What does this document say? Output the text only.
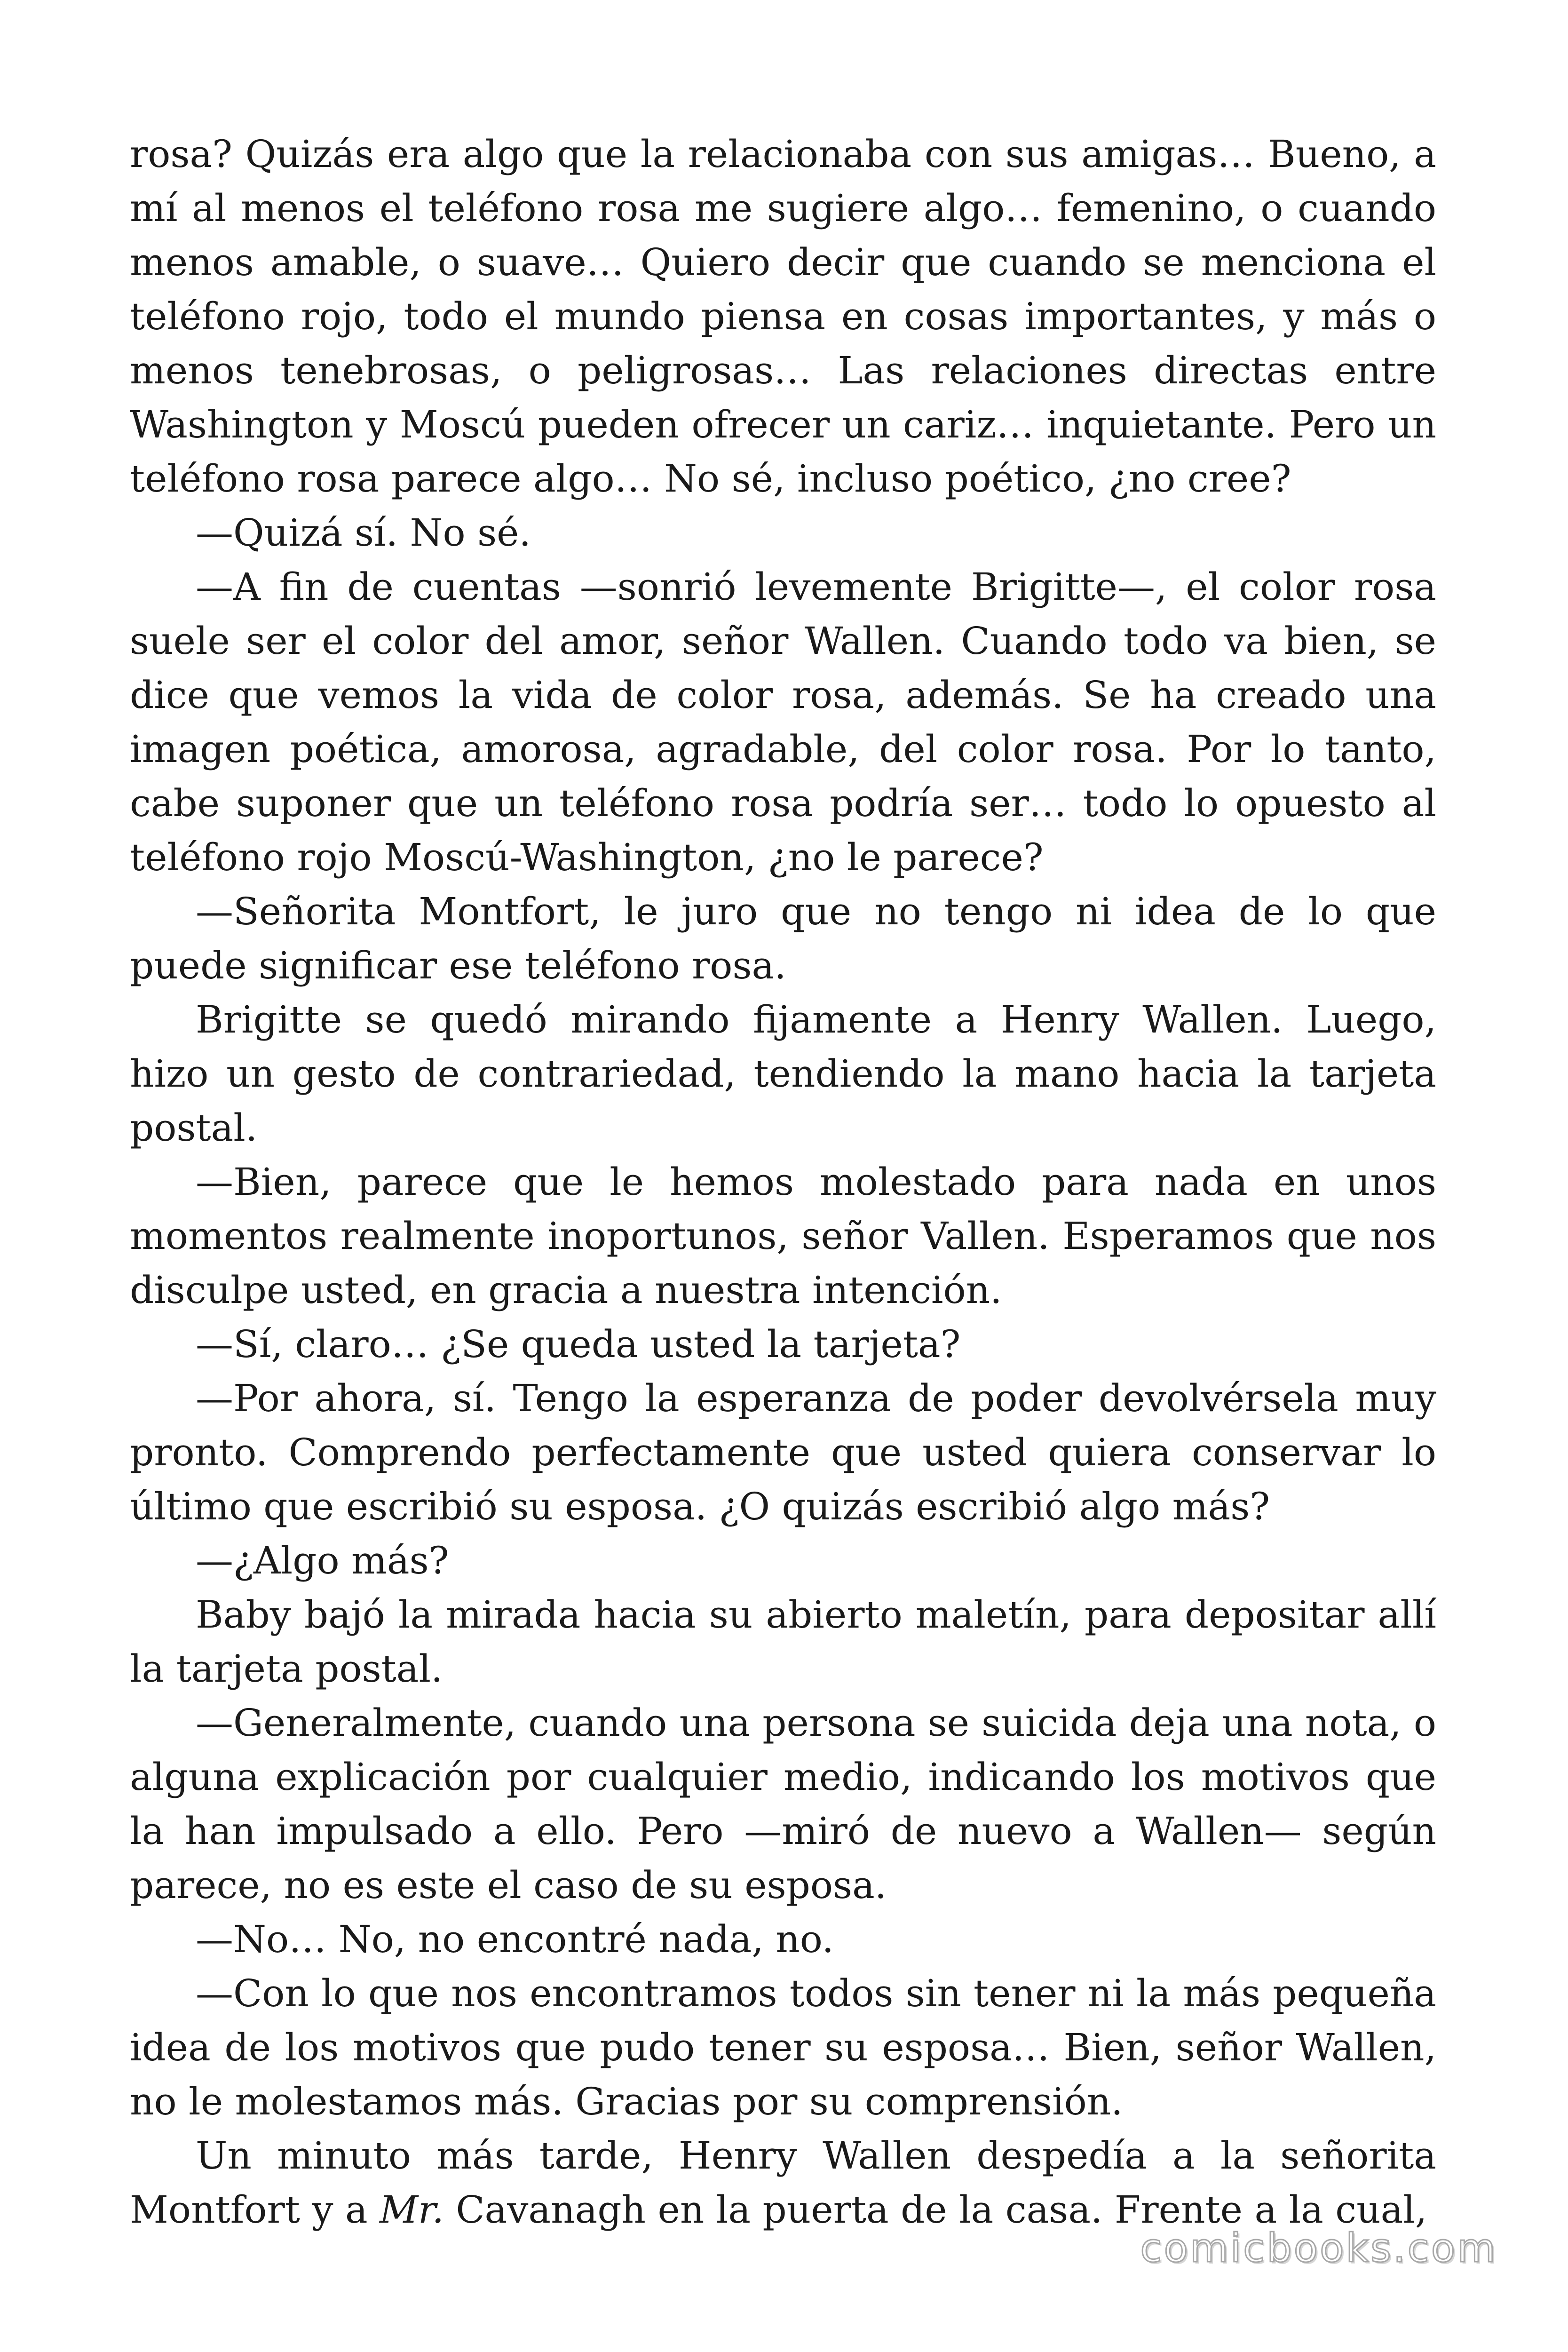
rosa? Quizás era algo que la relacionaba con sus amigas… Bueno, a mí al menos el teléfono rosa me sugiere algo… femenino, o cuando menos amable, o suave… Quiero decir que cuando se menciona el teléfono rojo, todo el mundo piensa en cosas importantes, y más o menos tenebrosas, o peligrosas… Las relaciones directas entre Washington y Moscú pueden ofrecer un cariz… inquietante. Pero un teléfono rosa parece algo… No sé, incluso poético, ¿no cree?

—Quizá sí. No sé.

—A fin de cuentas —sonrió levemente Brigitte—, el color rosa suele ser el color del amor, señor Wallen. Cuando todo va bien, se dice que vemos la vida de color rosa, además. Se ha creado una imagen poética, amorosa, agradable, del color rosa. Por lo tanto, cabe suponer que un teléfono rosa podría ser… todo lo opuesto al teléfono rojo Moscú-Washington, ¿no le parece?

—Señorita Montfort, le juro que no tengo ni idea de lo que puede significar ese teléfono rosa.

Brigitte se quedó mirando fijamente a Henry Wallen. Luego, hizo un gesto de contrariedad, tendiendo la mano hacia la tarjeta postal.

—Bien, parece que le hemos molestado para nada en unos momentos realmente inoportunos, señor Vallen. Esperamos que nos disculpe usted, en gracia a nuestra intención.

—Sí, claro… ¿Se queda usted la tarjeta?

—Por ahora, sí. Tengo la esperanza de poder devolvérsela muy pronto. Comprendo perfectamente que usted quiera conservar lo último que escribió su esposa. ¿O quizás escribió algo más?

—¿Algo más?

Baby bajó la mirada hacia su abierto maletín, para depositar allí la tarjeta postal.

—Generalmente, cuando una persona se suicida deja una nota, o alguna explicación por cualquier medio, indicando los motivos que la han impulsado a ello. Pero —miró de nuevo a Wallen— según parece, no es este el caso de su esposa.

—No… No, no encontré nada, no.

—Con lo que nos encontramos todos sin tener ni la más pequeña idea de los motivos que pudo tener su esposa… Bien, señor Wallen, no le molestamos más. Gracias por su comprensión.

Un minuto más tarde, Henry Wallen despedía a la señorita Montfort y a Mr. Cavanagh en la puerta de la casa. Frente a la cual,

comicbooks.com
